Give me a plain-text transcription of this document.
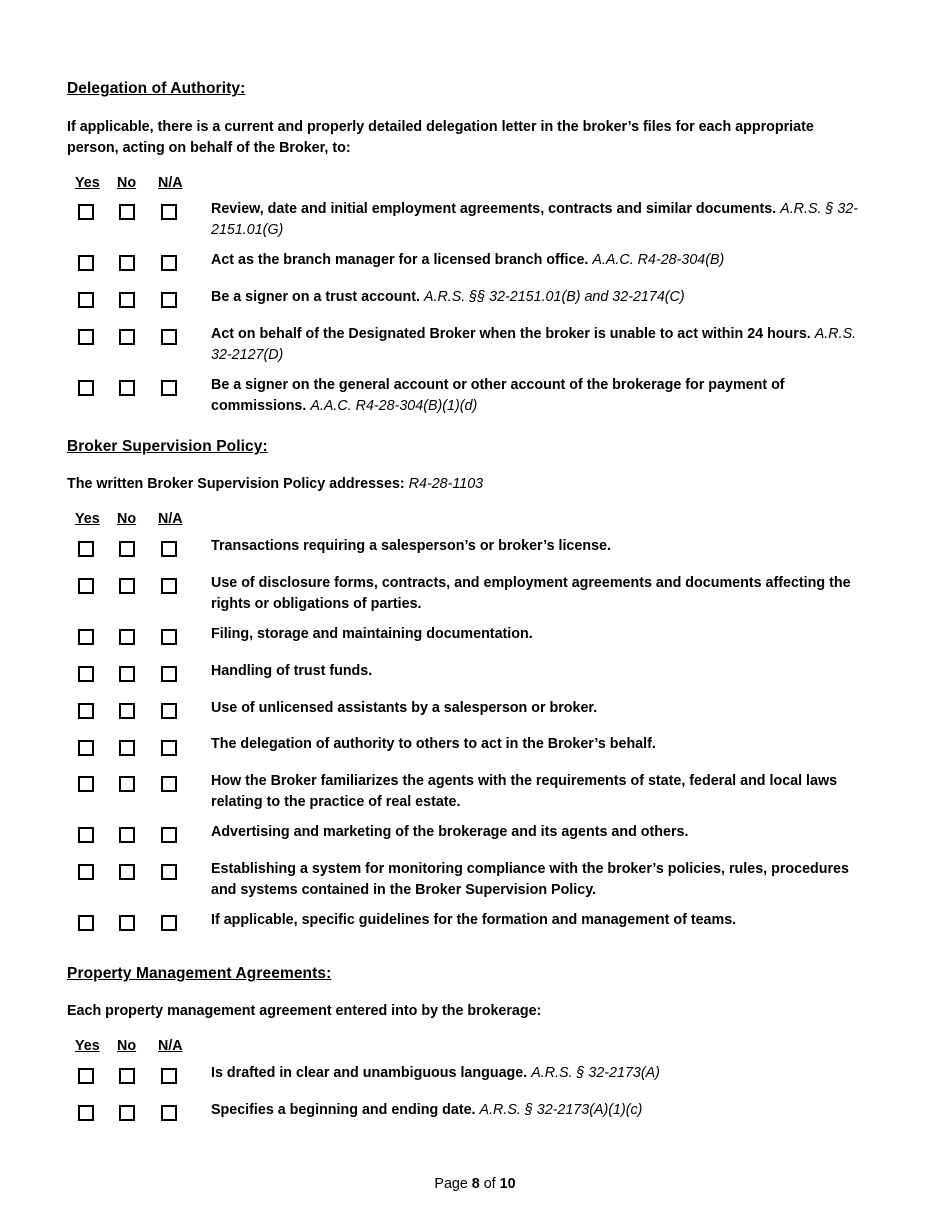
Delegation of Authority:
If applicable, there is a current and properly detailed delegation letter in the broker’s files for each appropriate person, acting on behalf of the Broker, to:
Yes No N/A
Review, date and initial employment agreements, contracts and similar documents. A.R.S. § 32-2151.01(G)
Act as the branch manager for a licensed branch office. A.A.C. R4-28-304(B)
Be a signer on a trust account. A.R.S. §§ 32-2151.01(B) and 32-2174(C)
Act on behalf of the Designated Broker when the broker is unable to act within 24 hours. A.R.S. 32-2127(D)
Be a signer on the general account or other account of the brokerage for payment of commissions. A.A.C. R4-28-304(B)(1)(d)
Broker Supervision Policy:
The written Broker Supervision Policy addresses: R4-28-1103
Yes No N/A
Transactions requiring a salesperson’s or broker’s license.
Use of disclosure forms, contracts, and employment agreements and documents affecting the rights or obligations of parties.
Filing, storage and maintaining documentation.
Handling of trust funds.
Use of unlicensed assistants by a salesperson or broker.
The delegation of authority to others to act in the Broker’s behalf.
How the Broker familiarizes the agents with the requirements of state, federal and local laws relating to the practice of real estate.
Advertising and marketing of the brokerage and its agents and others.
Establishing a system for monitoring compliance with the broker’s policies, rules, procedures and systems contained in the Broker Supervision Policy.
If applicable, specific guidelines for the formation and management of teams.
Property Management Agreements:
Each property management agreement entered into by the brokerage:
Yes No N/A
Is drafted in clear and unambiguous language. A.R.S. § 32-2173(A)
Specifies a beginning and ending date. A.R.S. § 32-2173(A)(1)(c)
Page 8 of 10
